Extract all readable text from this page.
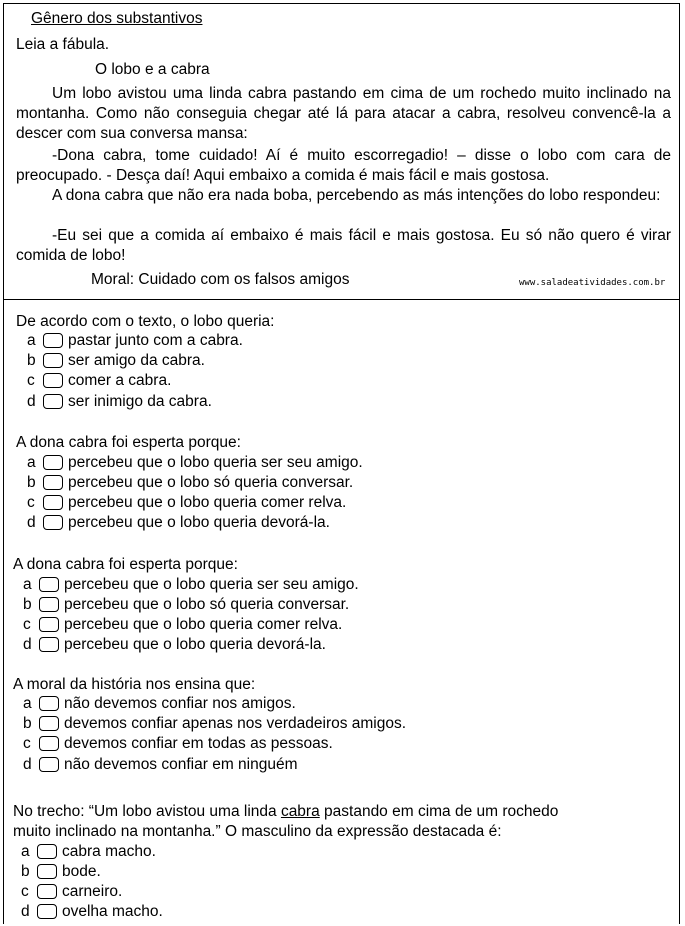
Gênero dos substantivos
Leia a fábula.
O lobo e a cabra
Um lobo avistou uma linda cabra pastando em cima de um rochedo muito inclinado na montanha. Como não conseguia chegar até lá para atacar a cabra, resolveu convencê-la a descer com sua conversa mansa:
-Dona cabra, tome cuidado! Aí é muito escorregadio! – disse o lobo com cara de preocupado. - Desça daí! Aqui embaixo a comida é mais fácil e mais gostosa.
A dona cabra que não era nada boba, percebendo as más intenções do lobo respondeu:
-Eu sei que a comida aí embaixo é mais fácil e mais gostosa. Eu só não quero é virar comida de lobo!
Moral: Cuidado com os falsos amigos	www.saladeatividades.com.br
De acordo com o texto, o lobo queria:
a pastar junto com a cabra.
b ser amigo da cabra.
c comer a cabra.
d ser inimigo da cabra.
A dona cabra foi esperta porque:
a percebeu que o lobo queria ser seu amigo.
b percebeu que o lobo só queria conversar.
c percebeu que o lobo queria comer relva.
d percebeu que o lobo queria devorá-la.
A dona cabra foi esperta porque:
a percebeu que o lobo queria ser seu amigo.
b percebeu que o lobo só queria conversar.
c percebeu que o lobo queria comer relva.
d percebeu que o lobo queria devorá-la.
A moral da história nos ensina que:
a não devemos confiar nos amigos.
b devemos confiar apenas nos verdadeiros amigos.
c devemos confiar em todas as pessoas.
d não devemos confiar em ninguém
No trecho: “Um lobo avistou uma linda cabra pastando em cima de um rochedo
muito inclinado na montanha.” O masculino da expressão destacada é:
a cabra macho.
b bode.
c carneiro.
d ovelha macho.
